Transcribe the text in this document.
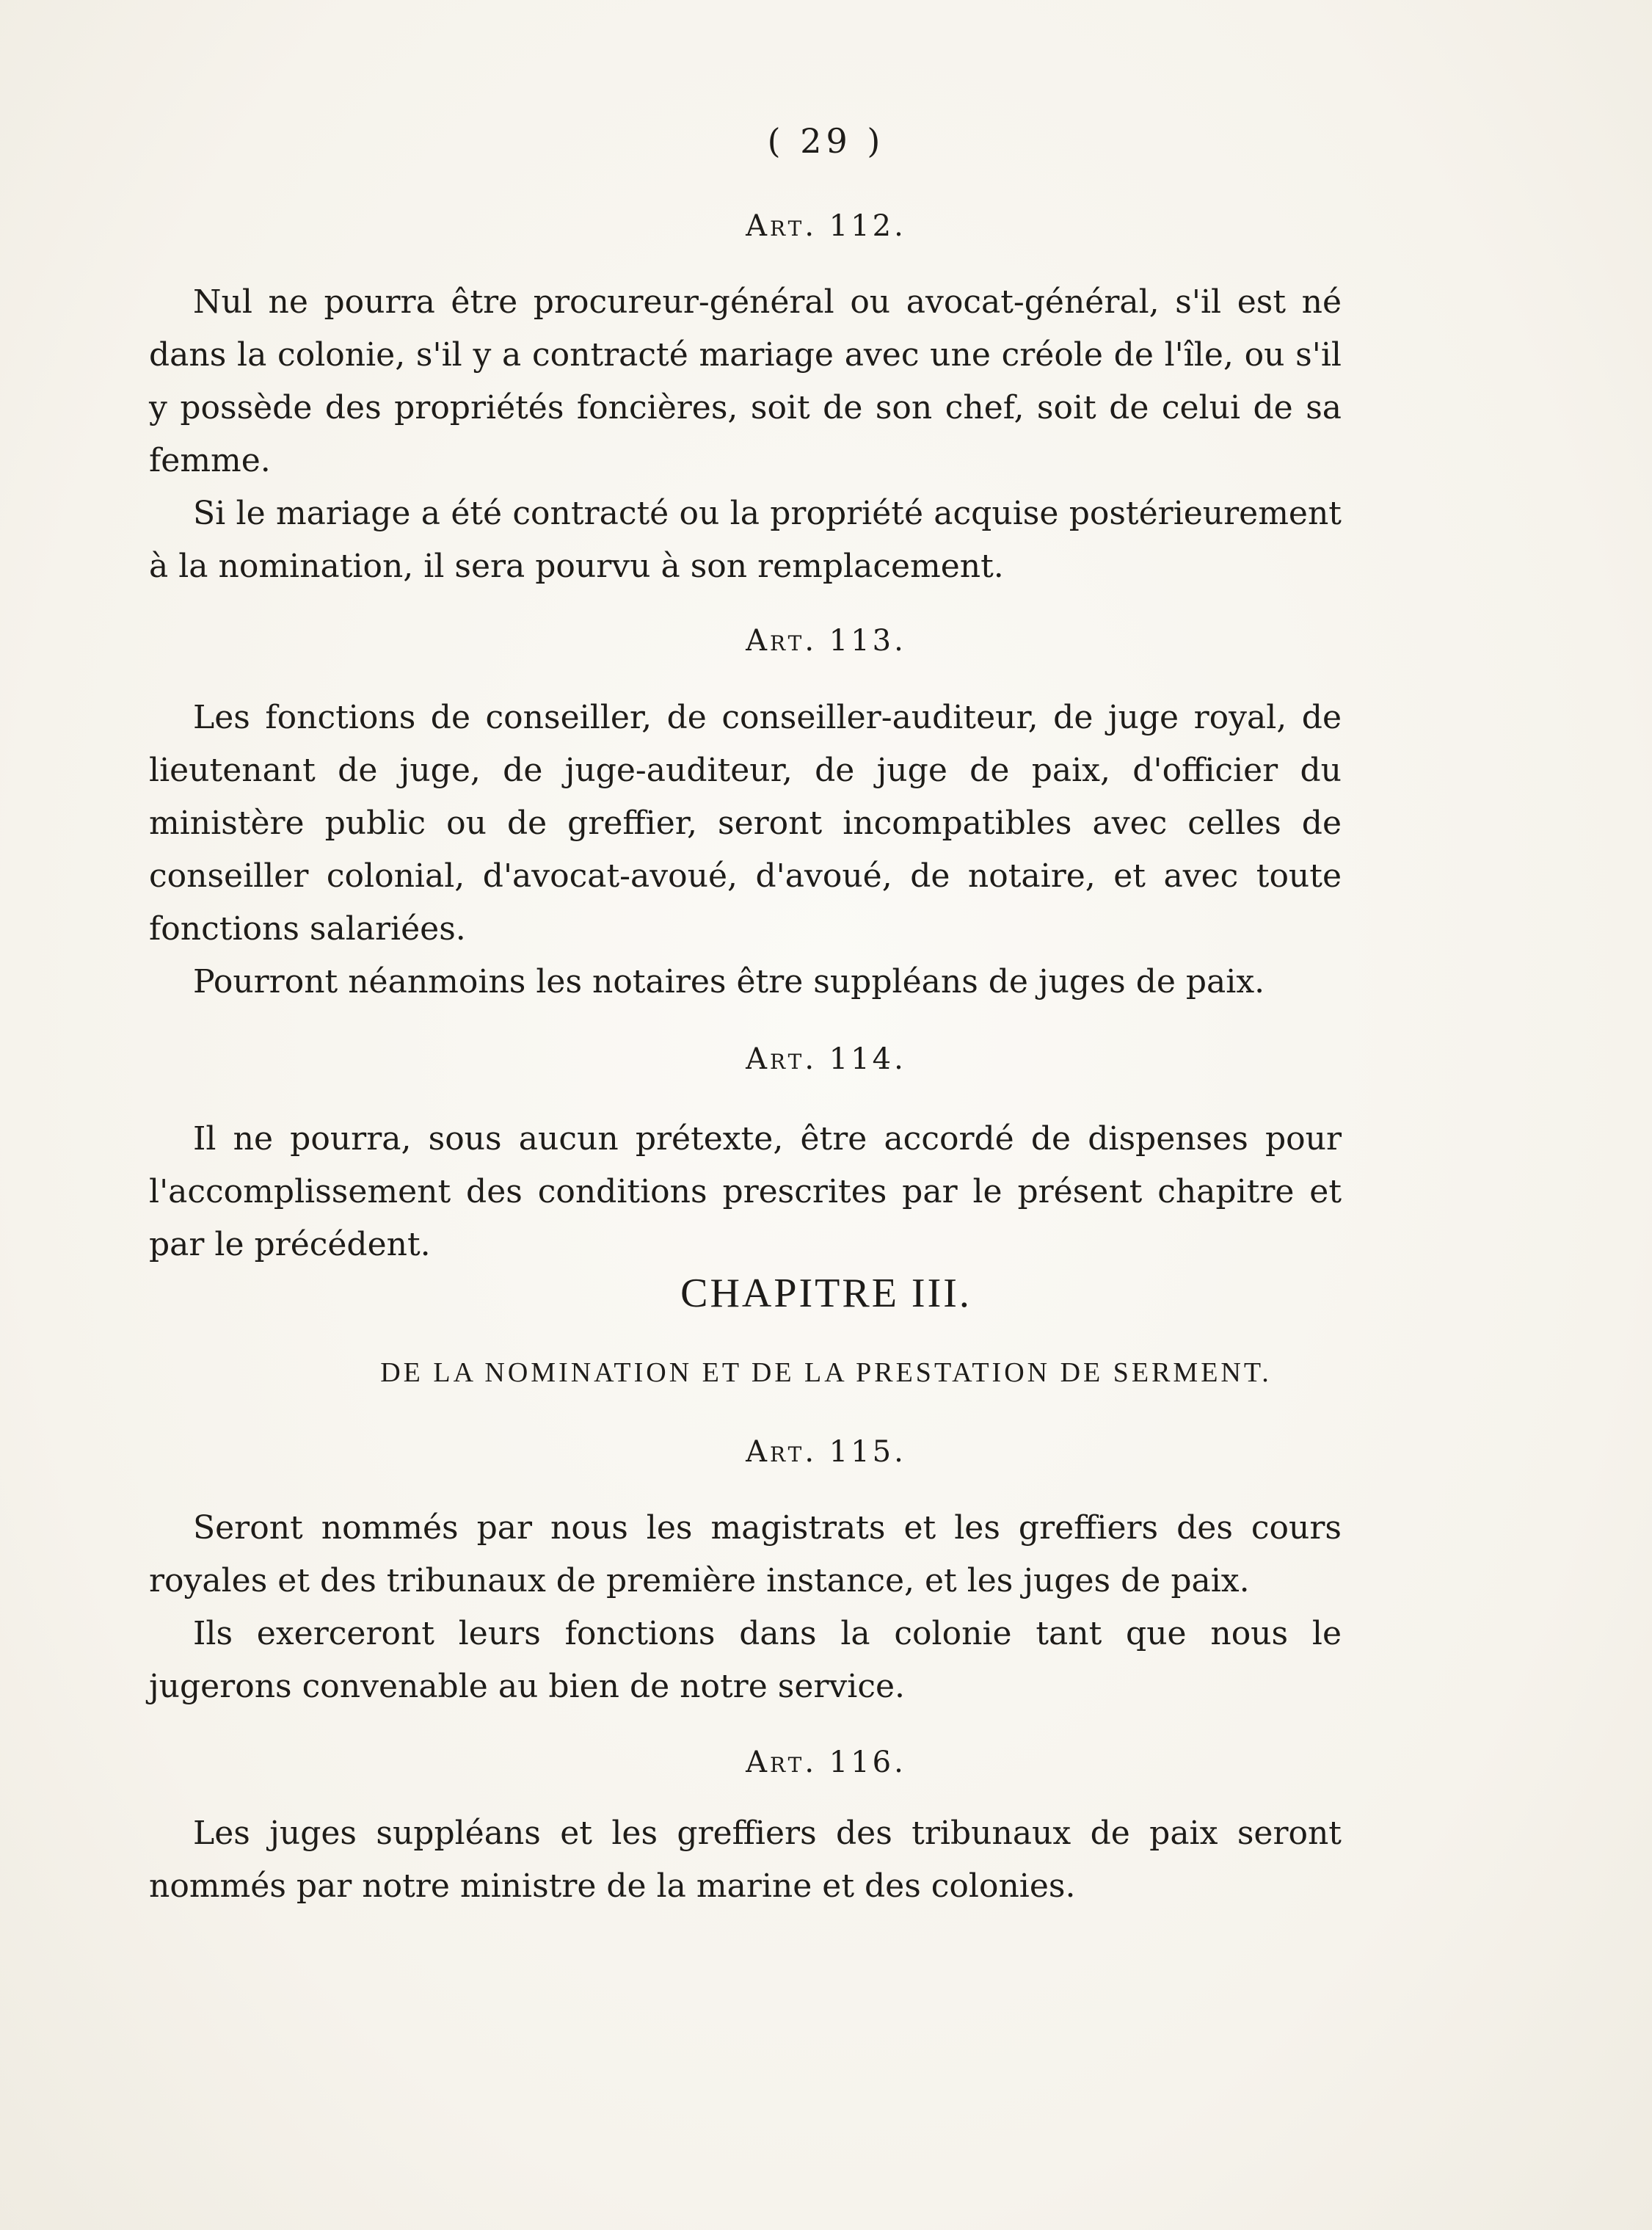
( 29 )
Art. 112.

Nul ne pourra être procureur-général ou avocat-général, s'il est né dans la colonie, s'il y a contracté mariage avec une créole de l'île, ou s'il y possède des propriétés foncières, soit de son chef, soit de celui de sa femme.

Si le mariage a été contracté ou la propriété acquise postérieurement à la nomination, il sera pourvu à son remplacement.

Art. 113.

Les fonctions de conseiller, de conseiller-auditeur, de juge royal, de lieutenant de juge, de juge-auditeur, de juge de paix, d'officier du ministère public ou de greffier, seront incompatibles avec celles de conseiller colonial, d'avocat-avoué, d'avoué, de notaire, et avec toute fonctions salariées.

Pourront néanmoins les notaires être suppléans de juges de paix.

Art. 114.

Il ne pourra, sous aucun prétexte, être accordé de dispenses pour l'accomplissement des conditions prescrites par le présent chapitre et par le précédent.

CHAPITRE III.
DE LA NOMINATION ET DE LA PRESTATION DE SERMENT.
Art. 115.

Seront nommés par nous les magistrats et les greffiers des cours royales et des tribunaux de première instance, et les juges de paix.

Ils exerceront leurs fonctions dans la colonie tant que nous le jugerons convenable au bien de notre service.

Art. 116.

Les juges suppléans et les greffiers des tribunaux de paix seront nommés par notre ministre de la marine et des colonies.
